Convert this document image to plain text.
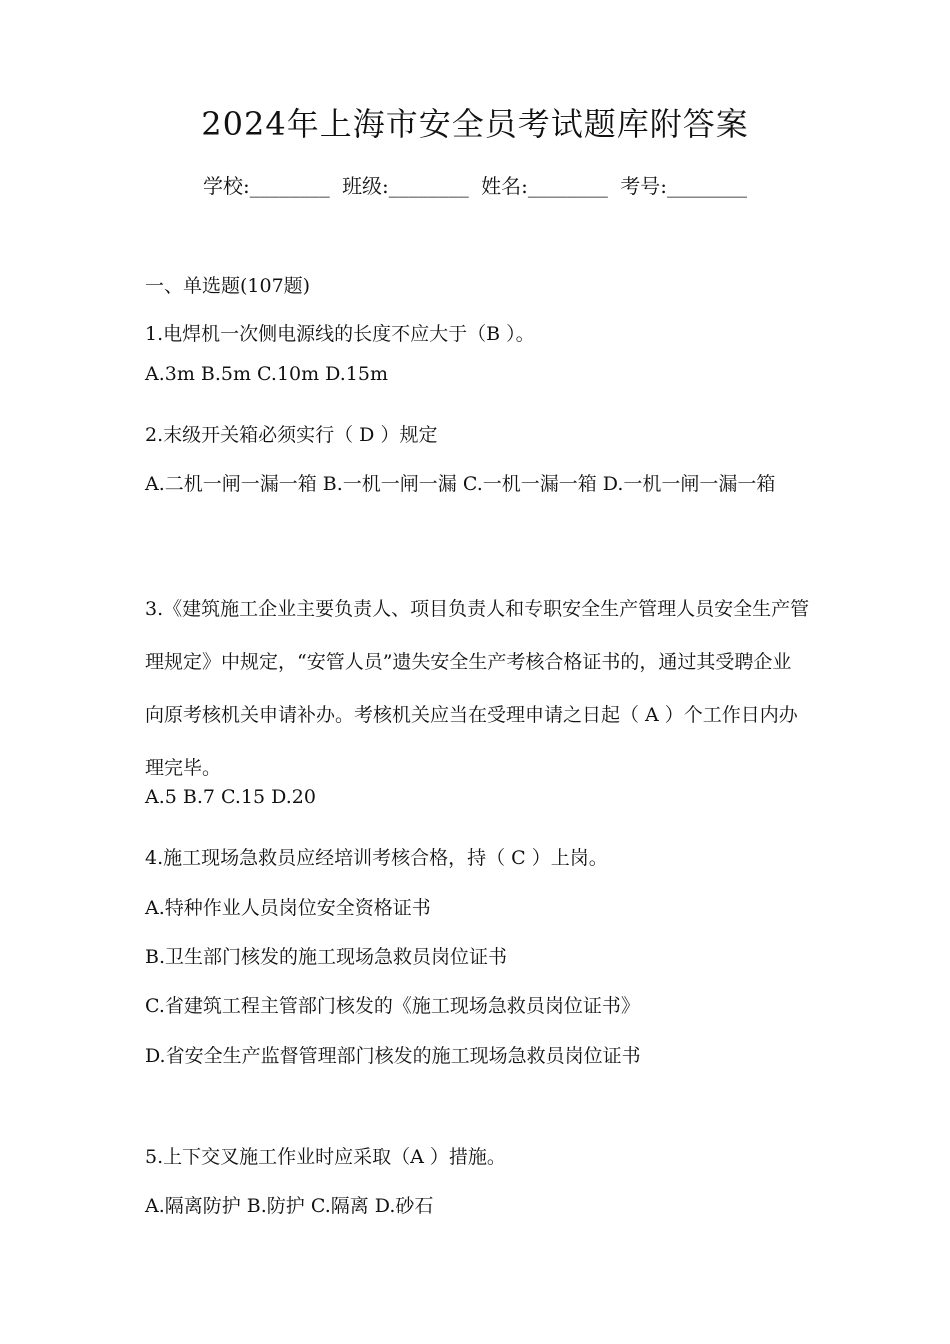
2024年上海市安全员考试题库附答案
学校:________ 班级:________ 姓名:________ 考号:________
一、单选题(107题)
1.电焊机一次侧电源线的长度不应大于（B ）。
A.3m B.5m C.10m D.15m
2.末级开关箱必须实行（ D ）规定
A.二机一闸一漏一箱 B.一机一闸一漏 C.一机一漏一箱 D.一机一闸一漏一箱
3.《建筑施工企业主要负责人、项目负责人和专职安全生产管理人员安全生产管理规定》中规定，“安管人员”遗失安全生产考核合格证书的，通过其受聘企业向原考核机关申请补办。考核机关应当在受理申请之日起（ A ）个工作日内办理完毕。
A.5 B.7 C.15 D.20
4.施工现场急救员应经培训考核合格，持（ C ）上岗。
A.特种作业人员岗位安全资格证书
B.卫生部门核发的施工现场急救员岗位证书
C.省建筑工程主管部门核发的《施工现场急救员岗位证书》
D.省安全生产监督管理部门核发的施工现场急救员岗位证书
5.上下交叉施工作业时应采取（A ）措施。
A.隔离防护 B.防护 C.隔离 D.砂石
